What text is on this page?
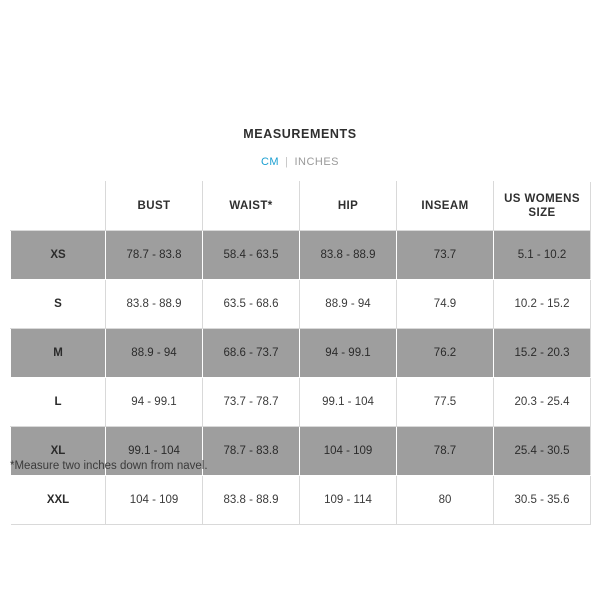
MEASUREMENTS
CM | INCHES
	BUST	WAIST*	HIP	INSEAM	US WOMENS SIZE
XS	78.7 - 83.8	58.4 - 63.5	83.8 - 88.9	73.7	5.1 - 10.2
S	83.8 - 88.9	63.5 - 68.6	88.9 - 94	74.9	10.2 - 15.2
M	88.9 - 94	68.6 - 73.7	94 - 99.1	76.2	15.2 - 20.3
L	94 - 99.1	73.7 - 78.7	99.1 - 104	77.5	20.3 - 25.4
XL	99.1 - 104	78.7 - 83.8	104 - 109	78.7	25.4 - 30.5
XXL	104 - 109	83.8 - 88.9	109 - 114	80	30.5 - 35.6
*Measure two inches down from navel.
